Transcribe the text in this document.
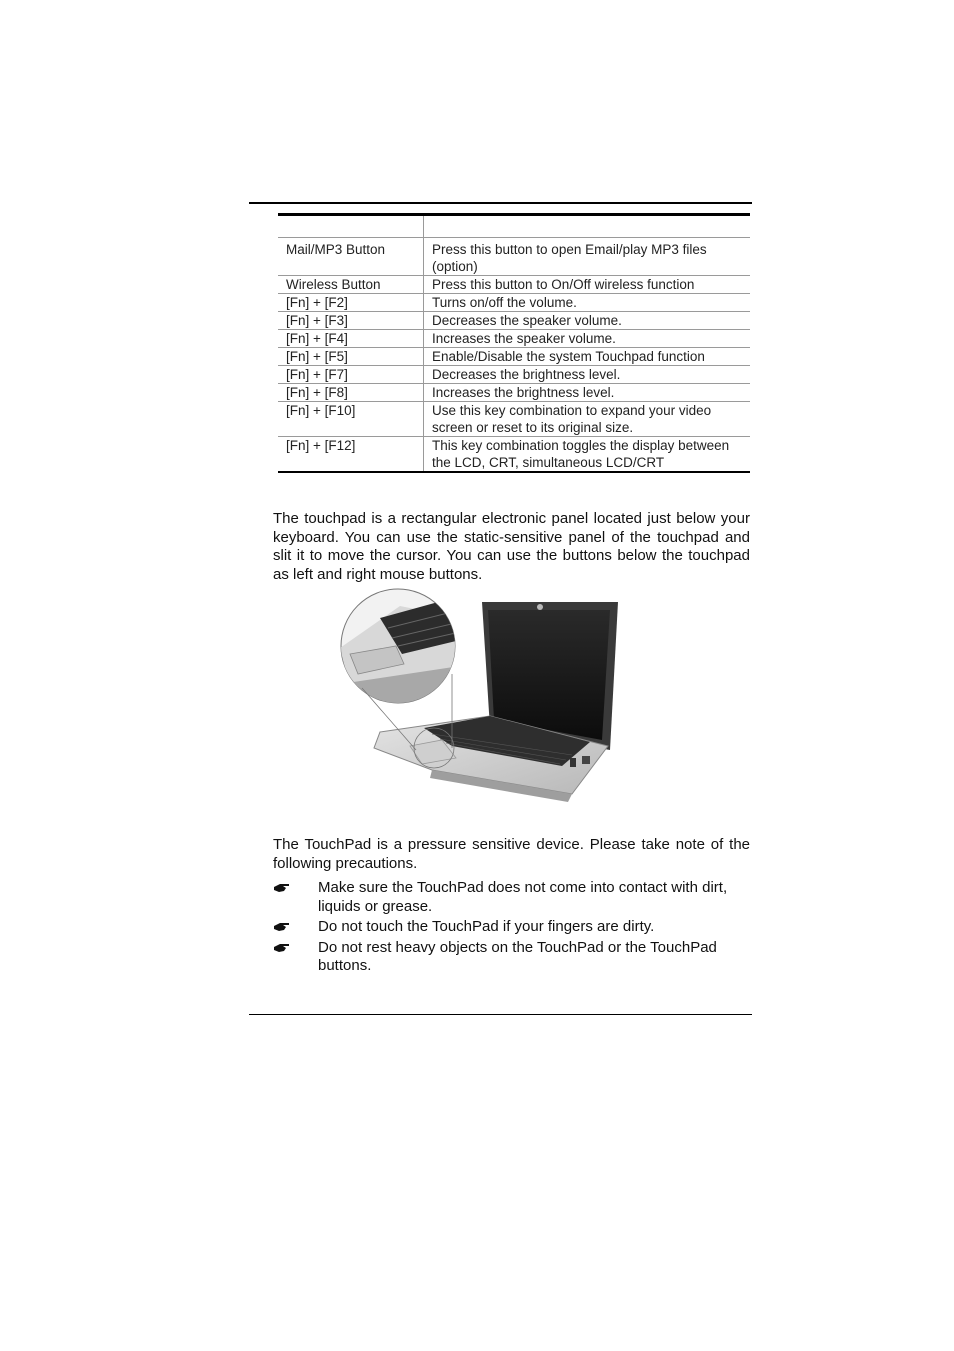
Mail/MP3 Button	Press this button to open Email/play MP3 files (option)
Wireless Button	Press this button to On/Off wireless function
[Fn] + [F2]	Turns on/off the volume.
[Fn] + [F3]	Decreases the speaker volume.
[Fn] + [F4]	Increases the speaker volume.
[Fn] + [F5]	Enable/Disable the system Touchpad function
[Fn] + [F7]	Decreases the brightness level.
[Fn] + [F8]	Increases the brightness level.
[Fn] + [F10]	Use this key combination to expand your video screen or reset to its original size.
[Fn] + [F12]	This key combination toggles the display between the LCD, CRT, simultaneous LCD/CRT

The touchpad is a rectangular electronic panel located just below your keyboard. You can use the static-sensitive panel of the touchpad and slit it to move the cursor. You can use the buttons below the touchpad as left and right mouse buttons.

The TouchPad is a pressure sensitive device. Please take note of the following precautions.

Make sure the TouchPad does not come into contact with dirt, liquids or grease.
Do not touch the TouchPad if your fingers are dirty.
Do not rest heavy objects on the TouchPad or the TouchPad buttons.
